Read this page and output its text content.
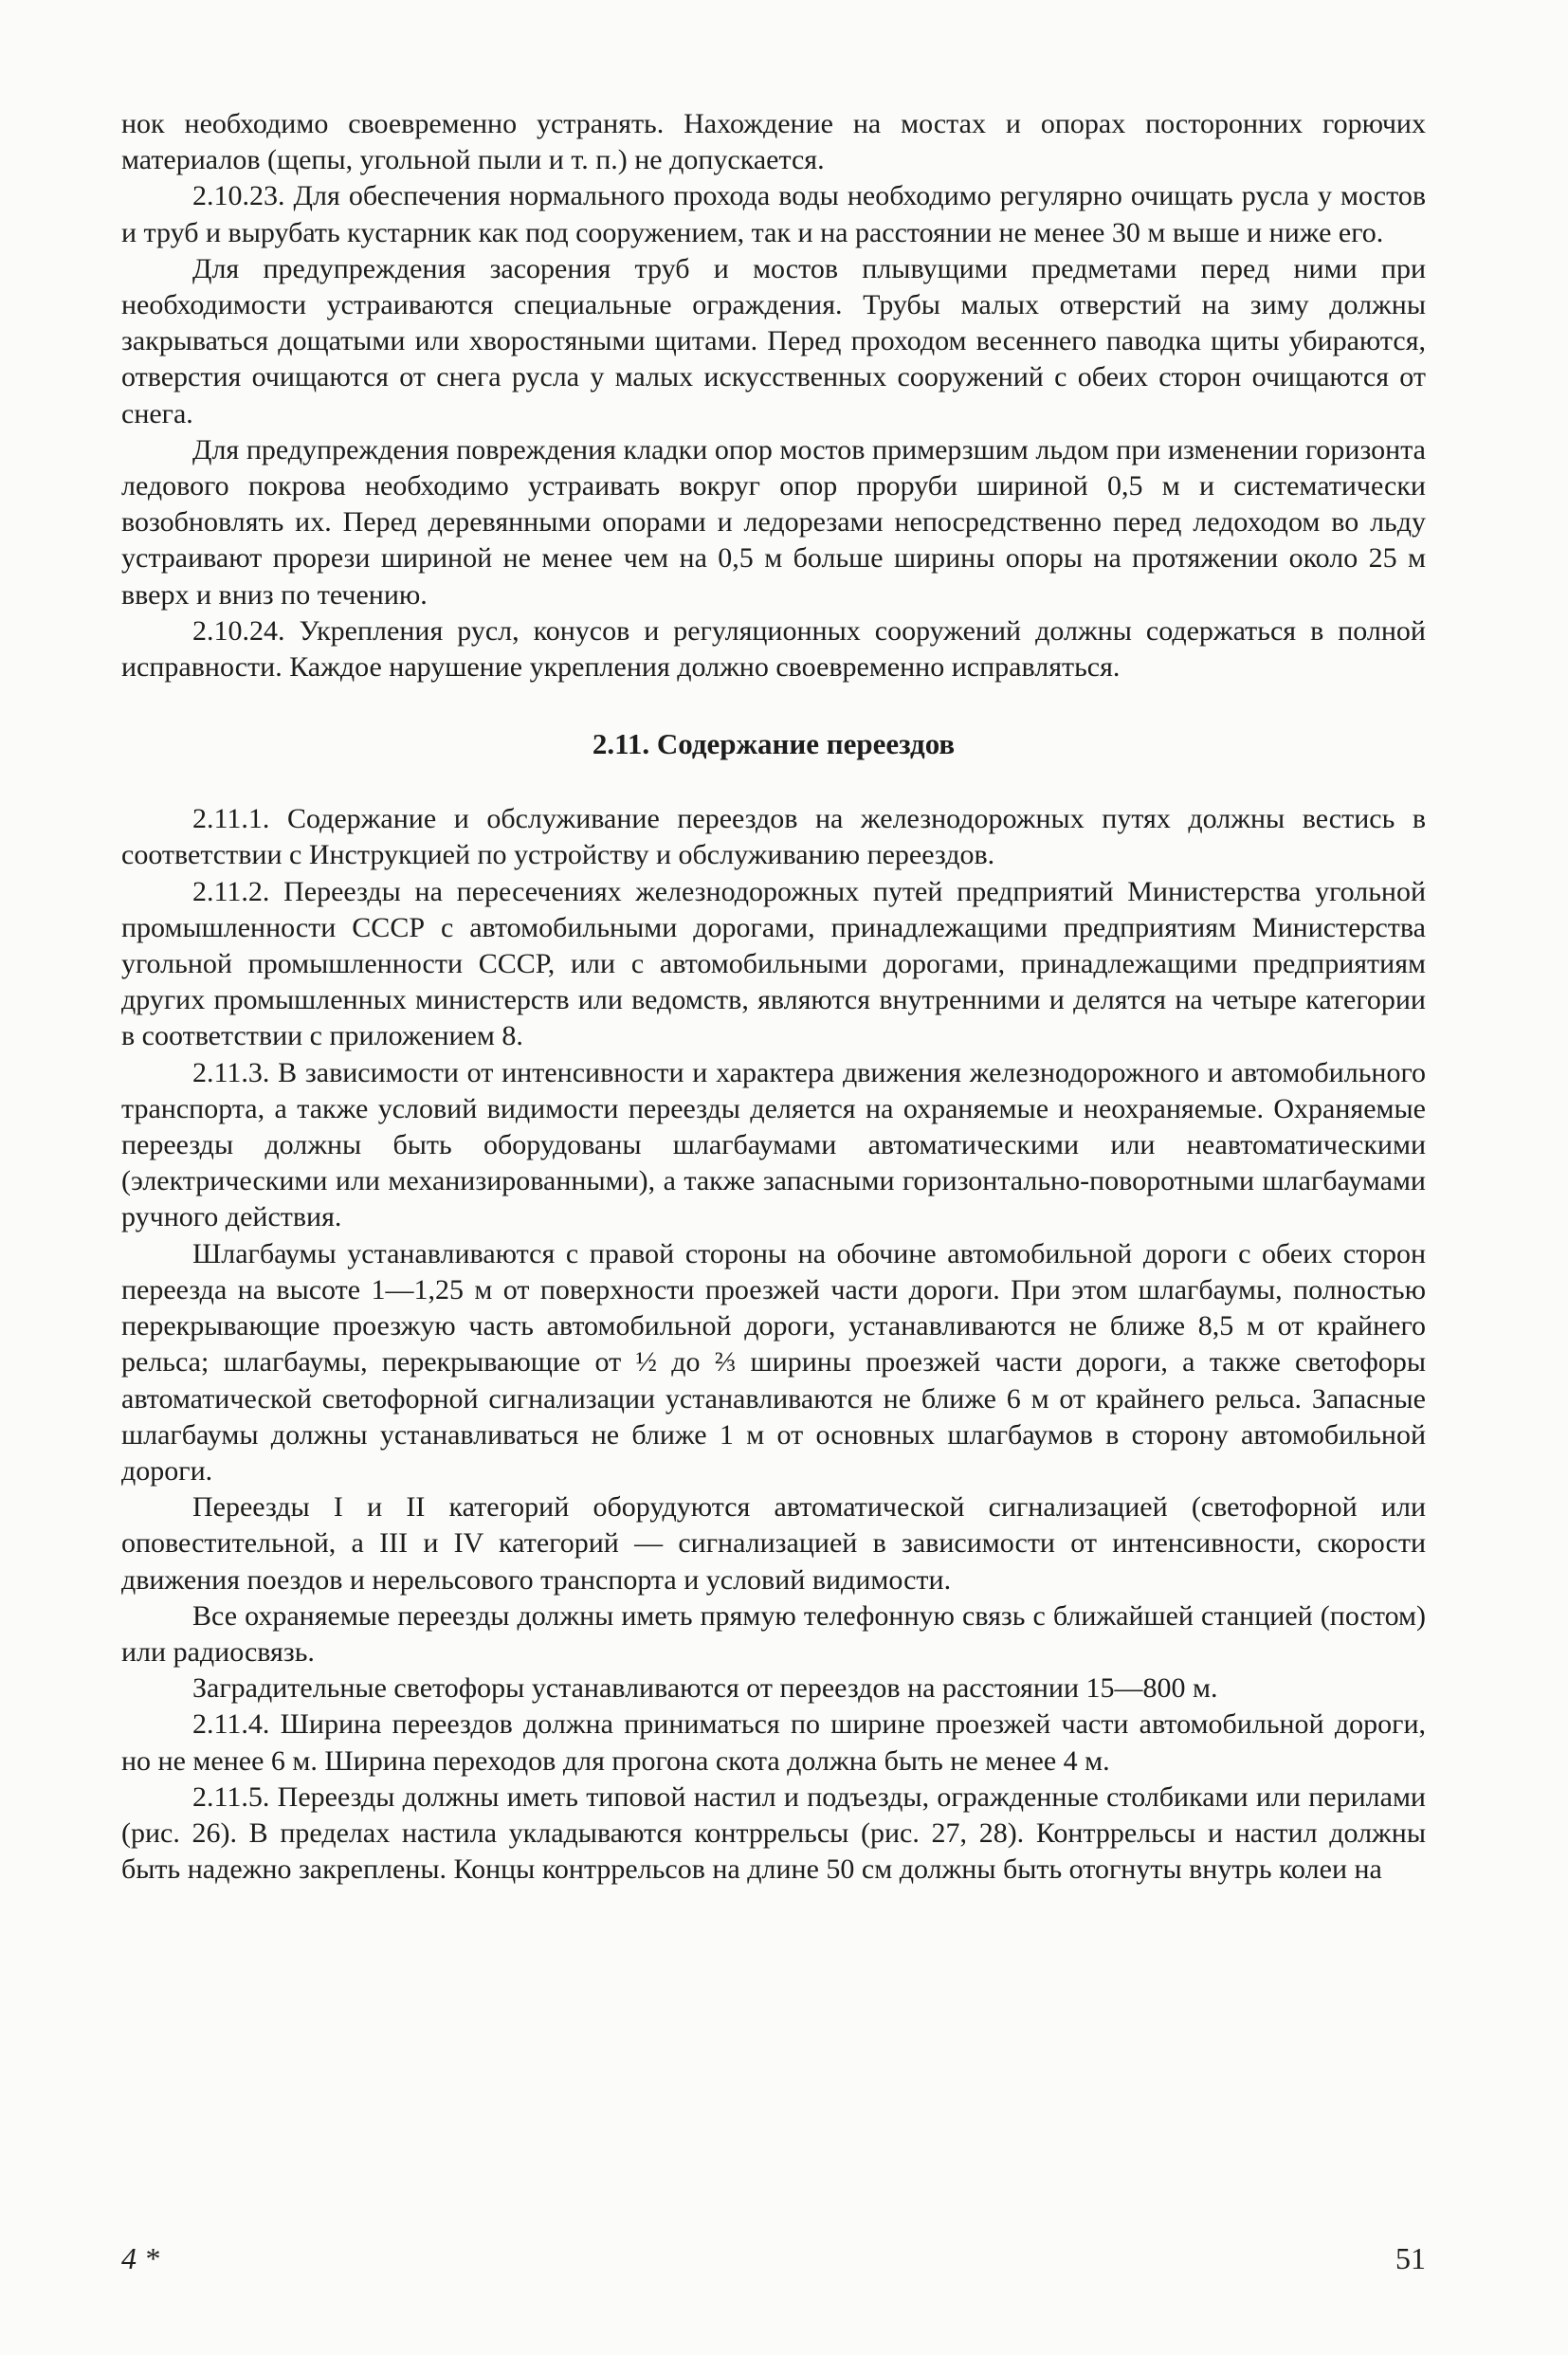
нок необходимо своевременно устранять. Нахождение на мостах и опорах посторонних горючих материалов (щепы, угольной пыли и т. п.) не допускается.

2.10.23. Для обеспечения нормального прохода воды необходимо регулярно очищать русла у мостов и труб и вырубать кустарник как под сооружением, так и на расстоянии не менее 30 м выше и ниже его.

Для предупреждения засорения труб и мостов плывущими предметами перед ними при необходимости устраиваются специальные ограждения. Трубы малых отверстий на зиму должны закрываться дощатыми или хворостяными щитами. Перед проходом весеннего паводка щиты убираются, отверстия очищаются от снега русла у малых искусственных сооружений с обеих сторон очищаются от снега.

Для предупреждения повреждения кладки опор мостов примерзшим льдом при изменении горизонта ледового покрова необходимо устраивать вокруг опор проруби шириной 0,5 м и систематически возобновлять их. Перед деревянными опорами и ледорезами непосредственно перед ледоходом во льду устраивают прорези шириной не менее чем на 0,5 м больше ширины опоры на протяжении около 25 м вверх и вниз по течению.

2.10.24. Укрепления русл, конусов и регуляционных сооружений должны содержаться в полной исправности. Каждое нарушение укрепления должно своевременно исправляться.

2.11. Содержание переездов

2.11.1. Содержание и обслуживание переездов на железнодорожных путях должны вестись в соответствии с Инструкцией по устройству и обслуживанию переездов.

2.11.2. Переезды на пересечениях железнодорожных путей предприятий Министерства угольной промышленности СССР с автомобильными дорогами, принадлежащими предприятиям Министерства угольной промышленности СССР, или с автомобильными дорогами, принадлежащими предприятиям других промышленных министерств или ведомств, являются внутренними и делятся на четыре категории в соответствии с приложением 8.

2.11.3. В зависимости от интенсивности и характера движения железнодорожного и автомобильного транспорта, а также условий видимости переезды деляется на охраняемые и неохраняемые. Охраняемые переезды должны быть оборудованы шлагбаумами автоматическими или неавтоматическими (электрическими или механизированными), а также запасными горизонтально-поворотными шлагбаумами ручного действия.

Шлагбаумы устанавливаются с правой стороны на обочине автомобильной дороги с обеих сторон переезда на высоте 1—1,25 м от поверхности проезжей части дороги. При этом шлагбаумы, полностью перекрывающие проезжую часть автомобильной дороги, устанавливаются не ближе 8,5 м от крайнего рельса; шлагбаумы, перекрывающие от ½ до ⅔ ширины проезжей части дороги, а также светофоры автоматической светофорной сигнализации устанавливаются не ближе 6 м от крайнего рельса. Запасные шлагбаумы должны устанавливаться не ближе 1 м от основных шлагбаумов в сторону автомобильной дороги.

Переезды I и II категорий оборудуются автоматической сигнализацией (светофорной или оповестительной, а III и IV категорий — сигнализацией в зависимости от интенсивности, скорости движения поездов и нерельсового транспорта и условий видимости.

Все охраняемые переезды должны иметь прямую телефонную связь с ближайшей станцией (постом) или радиосвязь.

Заградительные светофоры устанавливаются от переездов на расстоянии 15—800 м.

2.11.4. Ширина переездов должна приниматься по ширине проезжей части автомобильной дороги, но не менее 6 м. Ширина переходов для прогона скота должна быть не менее 4 м.

2.11.5. Переезды должны иметь типовой настил и подъезды, огражденные столбиками или перилами (рис. 26). В пределах настила укладываются контррельсы (рис. 27, 28). Контррельсы и настил должны быть надежно закреплены. Концы контррельсов на длине 50 см должны быть отогнуты внутрь колеи на

4 *	51
